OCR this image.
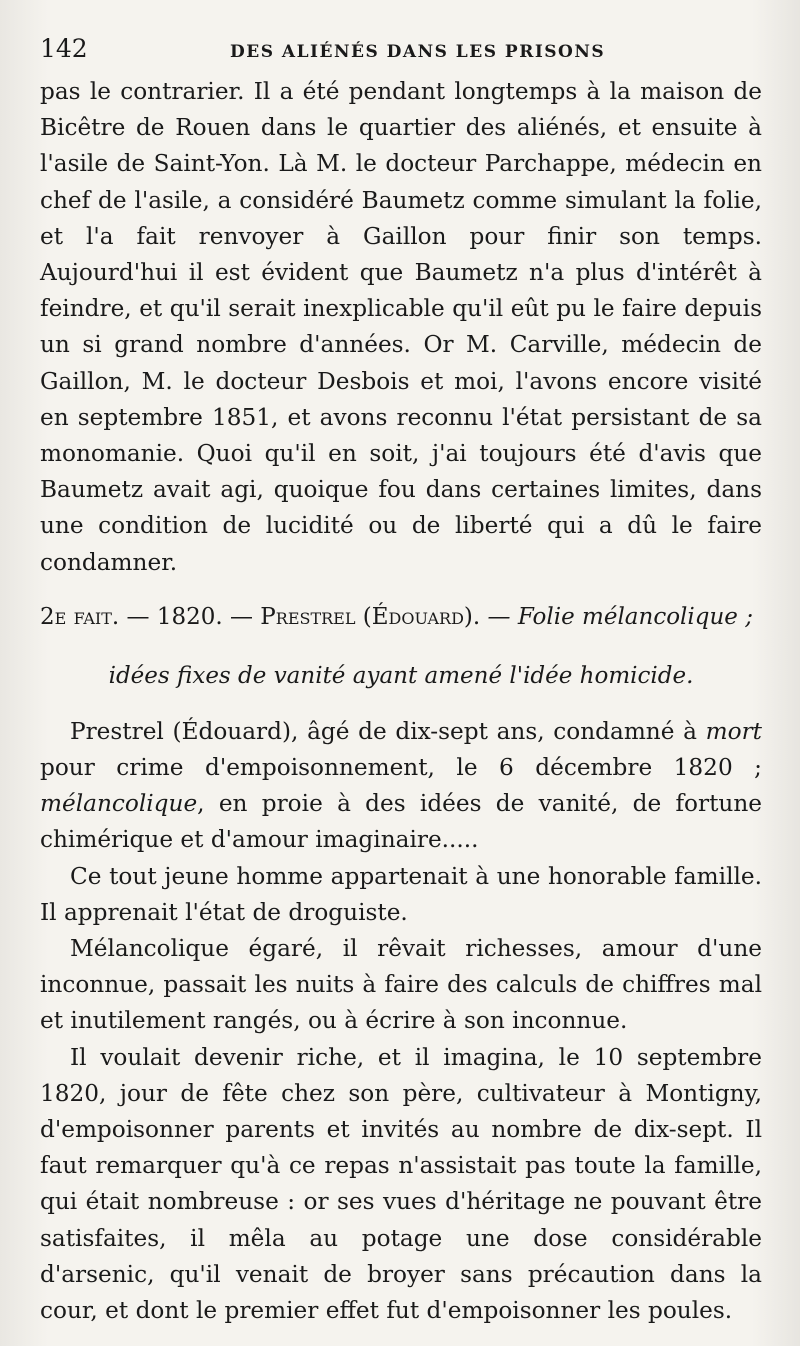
142	DES ALIÉNÉS DANS LES PRISONS

pas le contrarier. Il a été pendant longtemps à la maison de Bicêtre de Rouen dans le quartier des aliénés, et ensuite à l'asile de Saint-Yon. Là M. le docteur Parchappe, médecin en chef de l'asile, a considéré Baumetz comme simulant la folie, et l'a fait renvoyer à Gaillon pour finir son temps. Aujourd'hui il est évident que Baumetz n'a plus d'intérêt à feindre, et qu'il serait inexplicable qu'il eût pu le faire depuis un si grand nombre d'années. Or M. Carville, médecin de Gaillon, M. le docteur Desbois et moi, l'avons encore visité en septembre 1851, et avons reconnu l'état persistant de sa monomanie. Quoi qu'il en soit, j'ai toujours été d'avis que Baumetz avait agi, quoique fou dans certaines limites, dans une condition de lucidité ou de liberté qui a dû le faire condamner.

2e fait. — 1820. — Prestrel (Édouard). — Folie mélancolique ;

idées fixes de vanité ayant amené l'idée homicide.

Prestrel (Édouard), âgé de dix-sept ans, condamné à mort pour crime d'empoisonnement, le 6 décembre 1820 ; mélancolique, en proie à des idées de vanité, de fortune chimérique et d'amour imaginaire.....

Ce tout jeune homme appartenait à une honorable famille. Il apprenait l'état de droguiste.

Mélancolique égaré, il rêvait richesses, amour d'une inconnue, passait les nuits à faire des calculs de chiffres mal et inutilement rangés, ou à écrire à son inconnue.

Il voulait devenir riche, et il imagina, le 10 septembre 1820, jour de fête chez son père, cultivateur à Montigny, d'empoisonner parents et invités au nombre de dix-sept. Il faut remarquer qu'à ce repas n'assistait pas toute la famille, qui était nombreuse : or ses vues d'héritage ne pouvant être satisfaites, il mêla au potage une dose considérable d'arsenic, qu'il venait de broyer sans précaution dans la cour, et dont le premier effet fut d'empoisonner les poules.
